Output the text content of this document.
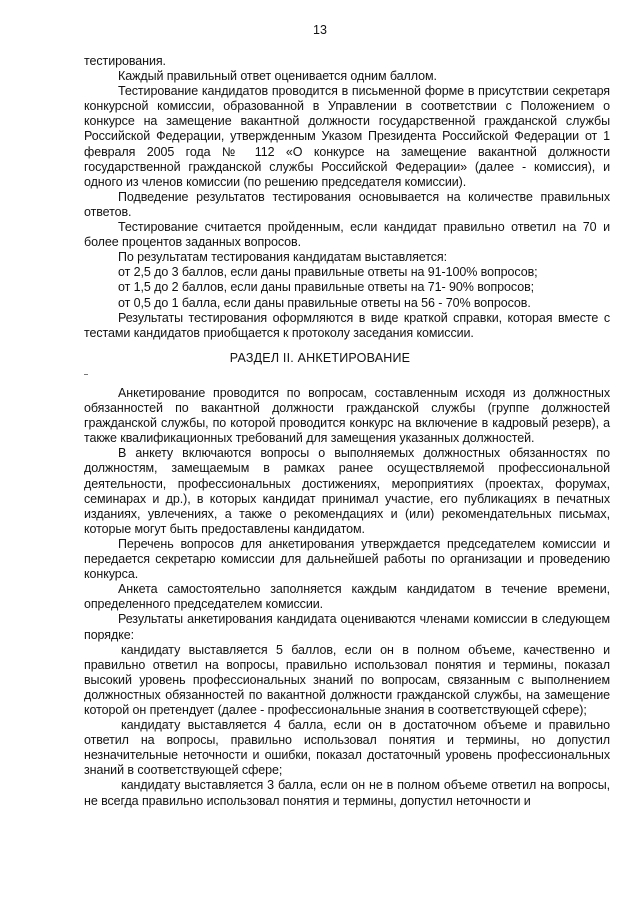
13

тестирования.

Каждый правильный ответ оценивается одним баллом.

Тестирование кандидатов проводится в письменной форме в присутствии секретаря конкурсной комиссии, образованной в Управлении в соответствии с Положением о конкурсе на замещение вакантной должности государственной гражданской службы Российской Федерации, утвержденным Указом Президента Российской Федерации от 1 февраля 2005 года № 112 «О конкурсе на замещение вакантной должности государственной гражданской службы Российской Федерации» (далее - комиссия), и одного из членов комиссии (по решению председателя комиссии).

Подведение результатов тестирования основывается на количестве правильных ответов.

Тестирование считается пройденным, если кандидат правильно ответил на 70 и более процентов заданных вопросов.

По результатам тестирования кандидатам выставляется:

от 2,5 до 3 баллов, если даны правильные ответы на 91-100% вопросов;

от 1,5 до 2 баллов, если даны правильные ответы на 71- 90% вопросов;

от 0,5 до 1 балла, если даны правильные ответы на 56 - 70% вопросов.

Результаты тестирования оформляются в виде краткой справки, которая вместе с тестами кандидатов приобщается к протоколу заседания комиссии.

РАЗДЕЛ II. АНКЕТИРОВАНИЕ

Анкетирование проводится по вопросам, составленным исходя из должностных обязанностей по вакантной должности гражданской службы (группе должностей гражданской службы, по которой проводится конкурс на включение в кадровый резерв), а также квалификационных требований для замещения указанных должностей.

В анкету включаются вопросы о выполняемых должностных обязанностях по должностям, замещаемым в рамках ранее осуществляемой профессиональной деятельности, профессиональных достижениях, мероприятиях (проектах, форумах, семинарах и др.), в которых кандидат принимал участие, его публикациях в печатных изданиях, увлечениях, а также о рекомендациях и (или) рекомендательных письмах, которые могут быть предоставлены кандидатом.

Перечень вопросов для анкетирования утверждается председателем комиссии и передается секретарю комиссии для дальнейшей работы по организации и проведению конкурса.

Анкета самостоятельно заполняется каждым кандидатом в течение времени, определенного председателем комиссии.

Результаты анкетирования кандидата оцениваются членами комиссии в следующем порядке:

кандидату выставляется 5 баллов, если он в полном объеме, качественно и правильно ответил на вопросы, правильно использовал понятия и термины, показал высокий уровень профессиональных знаний по вопросам, связанным с выполнением должностных обязанностей по вакантной должности гражданской службы, на замещение которой он претендует (далее - профессиональные знания в соответствующей сфере);

кандидату выставляется 4 балла, если он в достаточном объеме и правильно ответил на вопросы, правильно использовал понятия и термины, но допустил незначительные неточности и ошибки, показал достаточный уровень профессиональных знаний в соответствующей сфере;

кандидату выставляется 3 балла, если он не в полном объеме ответил на вопросы, не всегда правильно использовал понятия и термины, допустил неточности и
